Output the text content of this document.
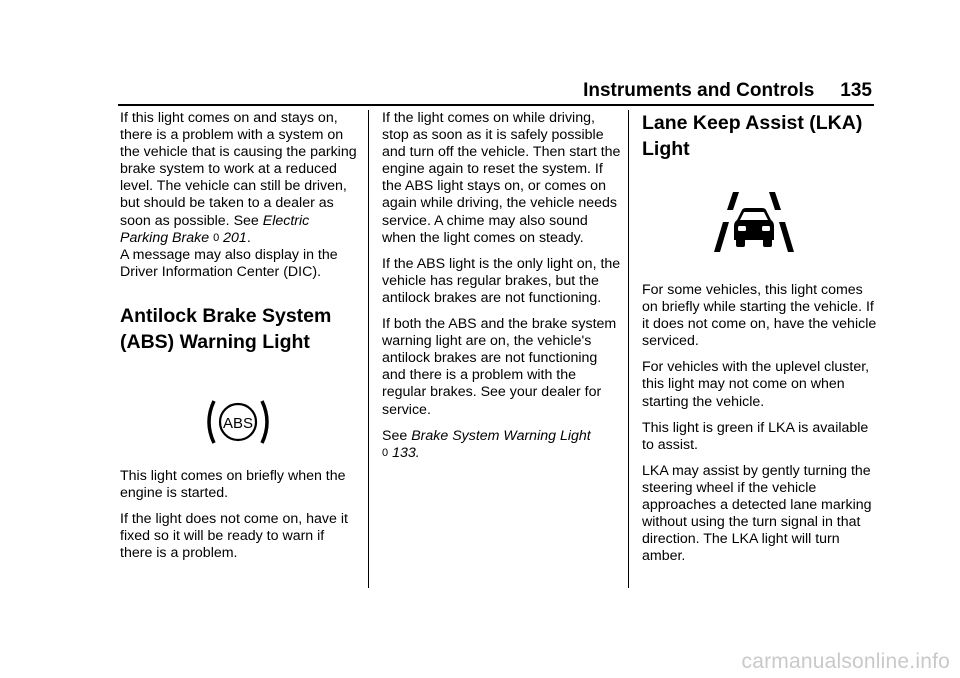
Instruments and Controls 135

If this light comes on and stays on, there is a problem with a system on the vehicle that is causing the parking brake system to work at a reduced level. The vehicle can still be driven, but should be taken to a dealer as soon as possible. See Electric Parking Brake 0 201.

A message may also display in the Driver Information Center (DIC).

Antilock Brake System (ABS) Warning Light
ABS

This light comes on briefly when the engine is started.

If the light does not come on, have it fixed so it will be ready to warn if there is a problem.

If the light comes on while driving, stop as soon as it is safely possible and turn off the vehicle. Then start the engine again to reset the system. If the ABS light stays on, or comes on again while driving, the vehicle needs service. A chime may also sound when the light comes on steady.

If the ABS light is the only light on, the vehicle has regular brakes, but the antilock brakes are not functioning.

If both the ABS and the brake system warning light are on, the vehicle's antilock brakes are not functioning and there is a problem with the regular brakes. See your dealer for service.

See Brake System Warning Light
0 133.

Lane Keep Assist (LKA) Light

For some vehicles, this light comes on briefly while starting the vehicle. If it does not come on, have the vehicle serviced.

For vehicles with the uplevel cluster, this light may not come on when starting the vehicle.

This light is green if LKA is available to assist.

LKA may assist by gently turning the steering wheel if the vehicle approaches a detected lane marking without using the turn signal in that direction. The LKA light will turn amber.

carmanualsonline.info
